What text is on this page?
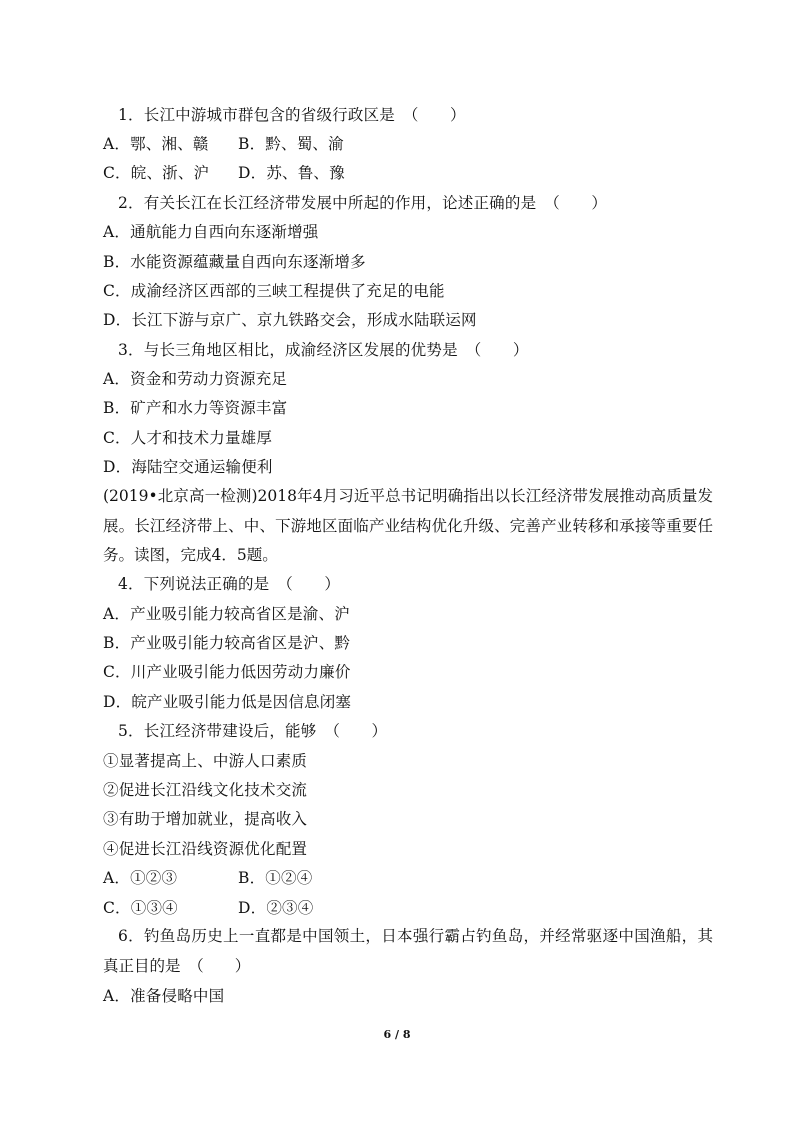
1．长江中游城市群包含的省级行政区是　（　　）
A．鄂、湘、赣 B．黔、蜀、渝
C．皖、浙、沪 D．苏、鲁、豫
2．有关长江在长江经济带发展中所起的作用，论述正确的是　（　　）
A．通航能力自西向东逐渐增强
B．水能资源蕴藏量自西向东逐渐增多
C．成渝经济区西部的三峡工程提供了充足的电能
D．长江下游与京广、京九铁路交会，形成水陆联运网
3．与长三角地区相比，成渝经济区发展的优势是　（　　）
A．资金和劳动力资源充足
B．矿产和水力等资源丰富
C．人才和技术力量雄厚
D．海陆空交通运输便利
(2019•北京高一检测)2018年4月习近平总书记明确指出以长江经济带发展推动高质量发展。长江经济带上、中、下游地区面临产业结构优化升级、完善产业转移和承接等重要任务。读图，完成4．5题。
4．下列说法正确的是　（　　）
A．产业吸引能力较高省区是渝、沪
B．产业吸引能力较高省区是沪、黔
C．川产业吸引能力低因劳动力廉价
D．皖产业吸引能力低是因信息闭塞
5．长江经济带建设后，能够　（　　）
①显著提高上、中游人口素质
②促进长江沿线文化技术交流
③有助于增加就业，提高收入
④促进长江沿线资源优化配置
A．①②③	B．①②④
C．①③④	D．②③④
6．钓鱼岛历史上一直都是中国领土，日本强行霸占钓鱼岛，并经常驱逐中国渔船，其真正目的是　（　　）
A．准备侵略中国
6 / 8
